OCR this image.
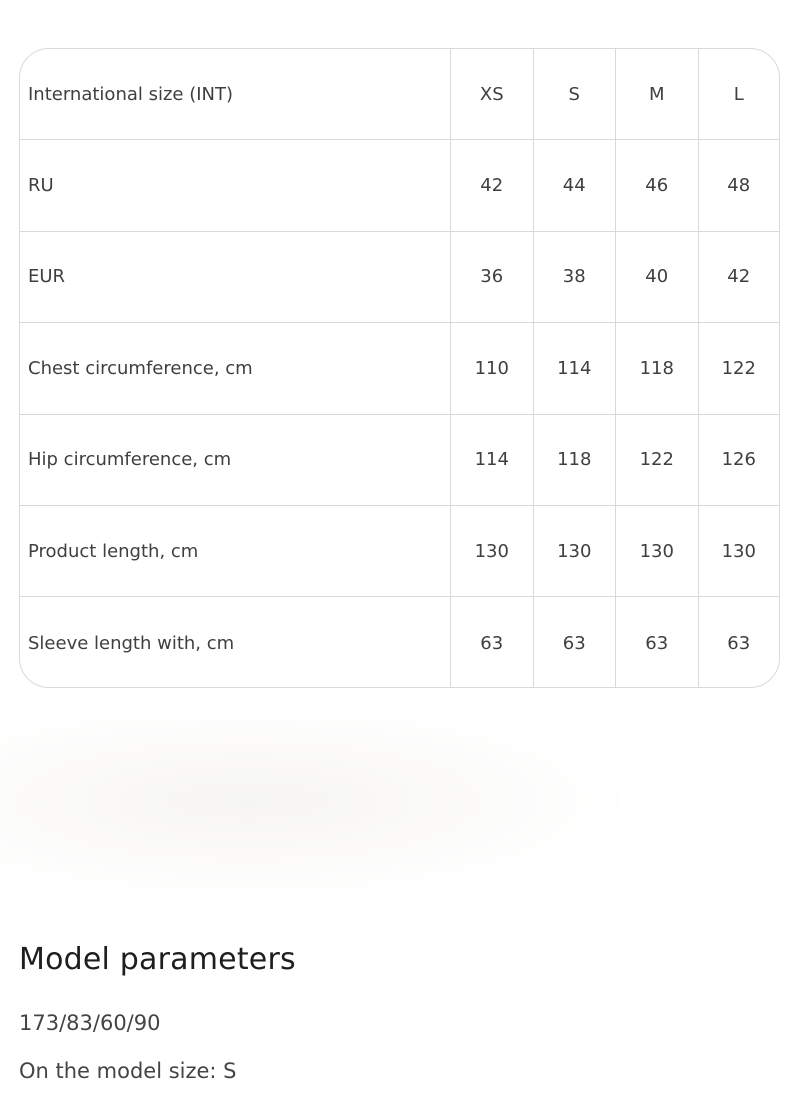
International size (INT)	XS	S	M	L
RU	42	44	46	48
EUR	36	38	40	42
Chest circumference, cm	110	114	118	122
Hip circumference, cm	114	118	122	126
Product length, cm	130	130	130	130
Sleeve length with, cm	63	63	63	63
Model parameters
173/83/60/90
On the model size: S
